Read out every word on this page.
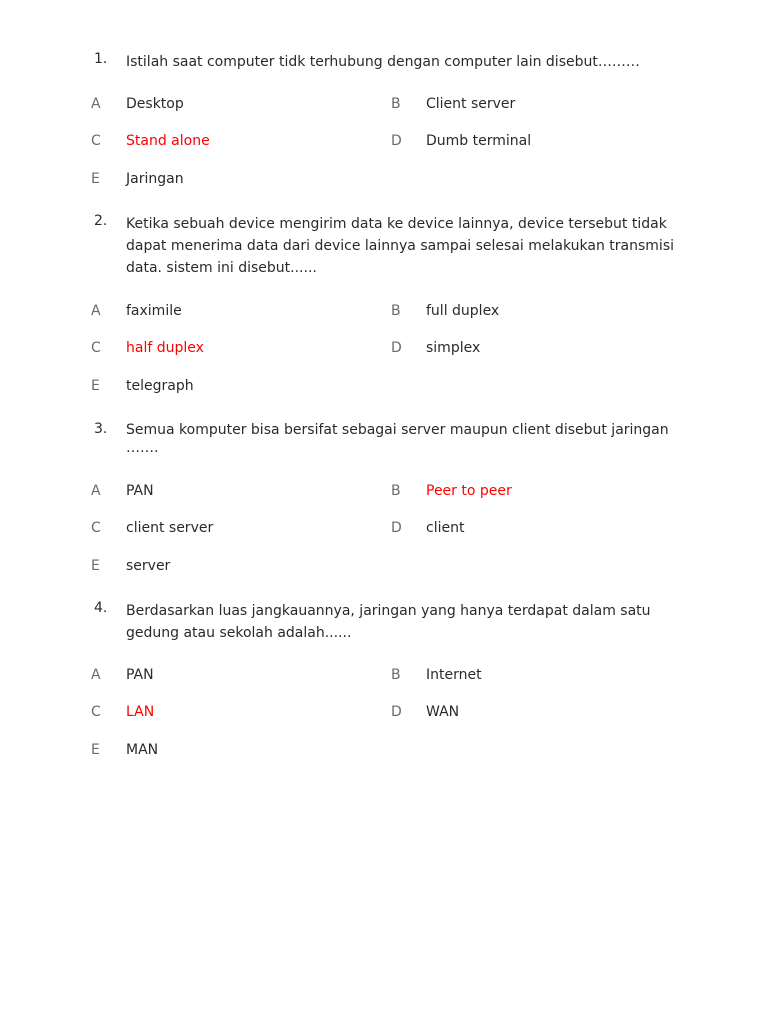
1.	Istilah saat computer tidk terhubung dengan computer lain disebut………
A Desktop	B Client server
C Stand alone	D Dumb terminal
E Jaringan
2.	Ketika sebuah device mengirim data ke device lainnya, device tersebut tidak dapat menerima data dari device lainnya sampai selesai melakukan transmisi data. sistem ini disebut......
A faximile	B full duplex
C half duplex	D simplex
E telegraph
3.	Semua komputer bisa bersifat sebagai server maupun client disebut jaringan …….
A PAN	B Peer to peer
C client server	D client
E server
4.	Berdasarkan luas jangkauannya, jaringan yang hanya terdapat dalam satu gedung atau sekolah adalah......
A PAN	B Internet
C LAN	D WAN
E MAN
